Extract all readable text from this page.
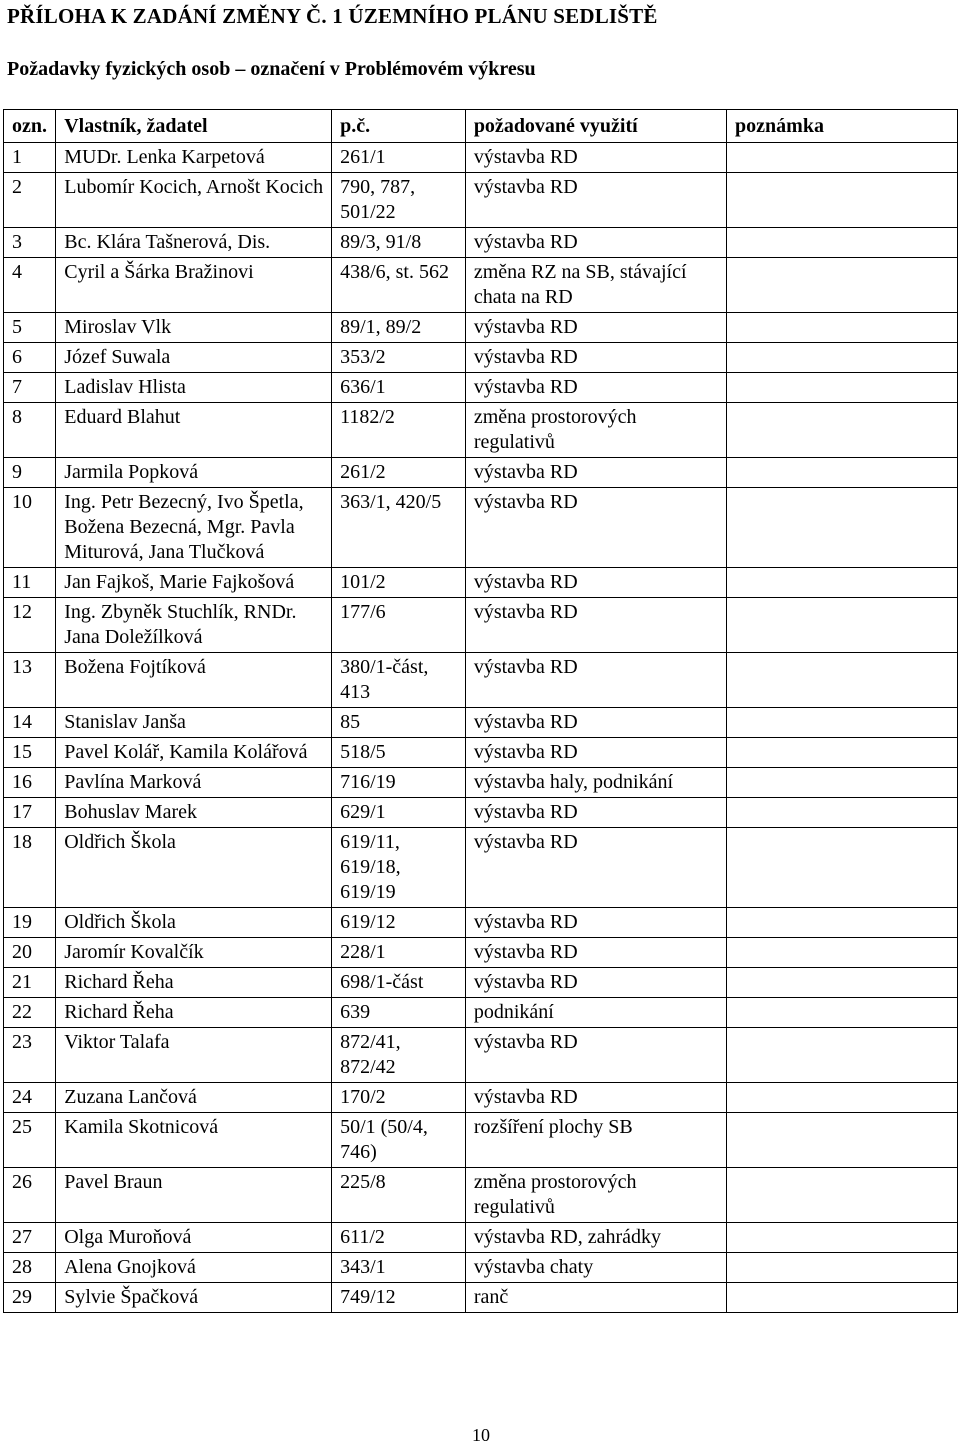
PŘÍLOHA K ZADÁNÍ ZMĚNY Č. 1 ÚZEMNÍHO PLÁNU SEDLIŠTĚ
Požadavky fyzických osob – označení v Problémovém výkresu
ozn.	Vlastník, žadatel	p.č.	požadované využití	poznámka
1	MUDr. Lenka Karpetová	261/1	výstavba RD	
2	Lubomír Kocich, Arnošt Kocich	790, 787, 501/22	výstavba RD	
3	Bc. Klára Tašnerová, Dis.	89/3, 91/8	výstavba RD	
4	Cyril a Šárka Bražinovi	438/6, st. 562	změna RZ na SB, stávající chata na RD	
5	Miroslav Vlk	89/1, 89/2	výstavba RD	
6	Józef Suwala	353/2	výstavba RD	
7	Ladislav Hlista	636/1	výstavba RD	
8	Eduard Blahut	1182/2	změna prostorových regulativů	
9	Jarmila Popková	261/2	výstavba RD	
10	Ing. Petr Bezecný, Ivo Špetla, Božena Bezecná, Mgr. Pavla Miturová, Jana Tlučková	363/1, 420/5	výstavba RD	
11	Jan Fajkoš, Marie Fajkošová	101/2	výstavba RD	
12	Ing. Zbyněk Stuchlík, RNDr. Jana Doležílková	177/6	výstavba RD	
13	Božena Fojtíková	380/1-část, 413	výstavba RD	
14	Stanislav Janša	85	výstavba RD	
15	Pavel Kolář, Kamila Kolářová	518/5	výstavba RD	
16	Pavlína Marková	716/19	výstavba haly, podnikání	
17	Bohuslav Marek	629/1	výstavba RD	
18	Oldřich Škola	619/11, 619/18, 619/19	výstavba RD	
19	Oldřich Škola	619/12	výstavba RD	
20	Jaromír Kovalčík	228/1	výstavba RD	
21	Richard Řeha	698/1-část	výstavba RD	
22	Richard Řeha	639	podnikání	
23	Viktor Talafa	872/41, 872/42	výstavba RD	
24	Zuzana Lančová	170/2	výstavba RD	
25	Kamila Skotnicová	50/1 (50/4, 746)	rozšíření plochy SB	
26	Pavel Braun	225/8	změna prostorových regulativů	
27	Olga Muroňová	611/2	výstavba RD, zahrádky	
28	Alena Gnojková	343/1	výstavba chaty	
29	Sylvie Špačková	749/12	ranč	
10
